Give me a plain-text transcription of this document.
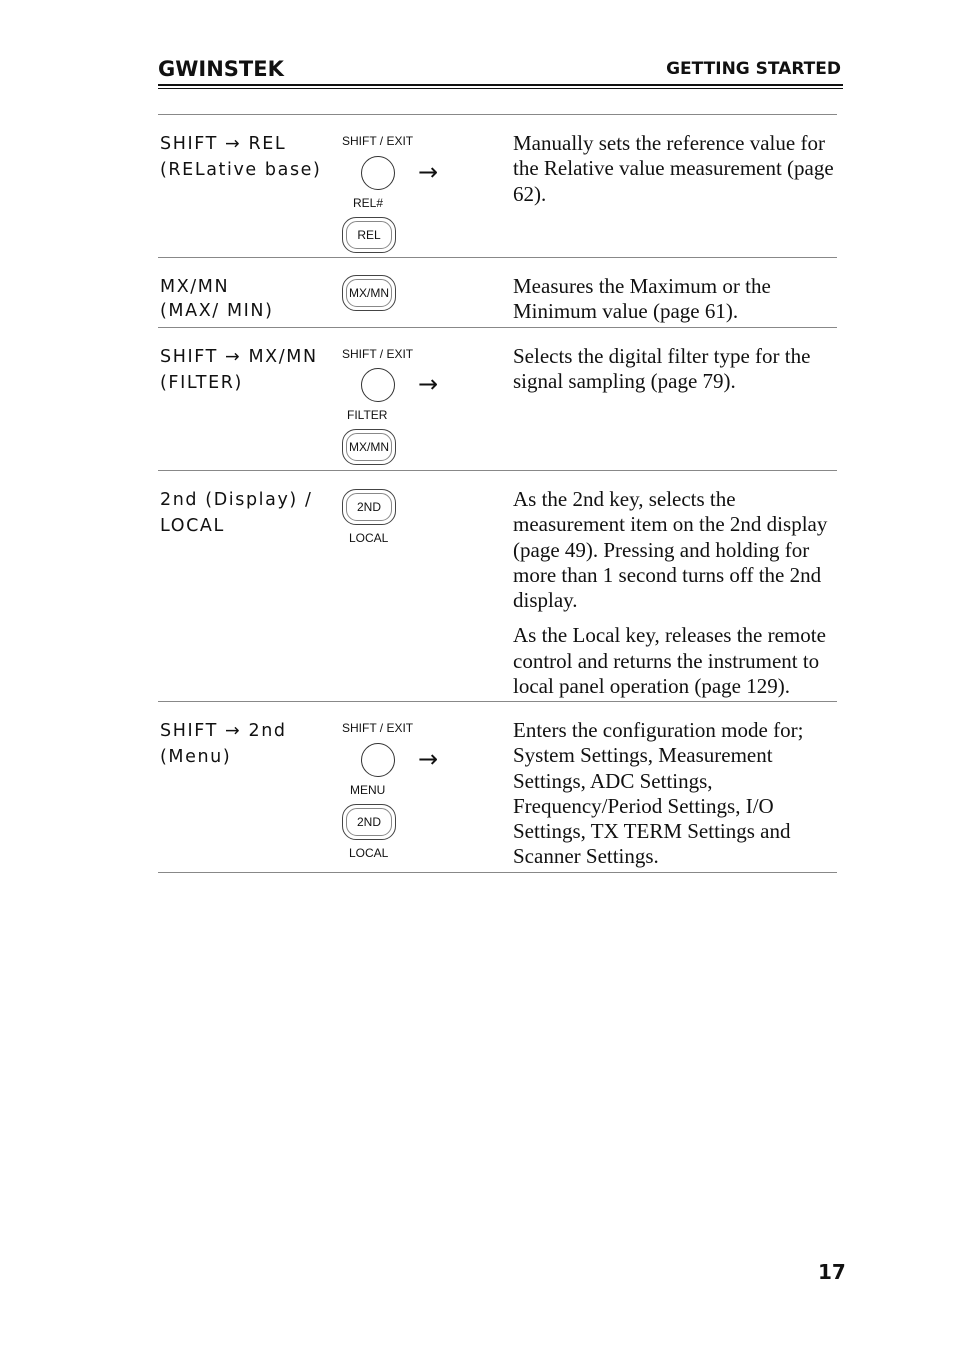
GWINSTEK	GETTING STARTED
SHIFT → REL
(RELative base)
SHIFT / EXIT
→
REL#
REL

Manually sets the reference value for the Relative value measurement (page 62).

MX/MN
(MAX/ MIN)
MX/MN	Measures the Maximum or the Minimum value (page 61).

SHIFT → MX/MN
(FILTER)
SHIFT / EXIT
→
FILTER
MX/MN

Selects the digital filter type for the signal sampling (page 79).

2nd (Display) /
LOCAL
2ND
LOCAL

As the 2nd key, selects the measurement item on the 2nd display (page 49). Pressing and holding for more than 1 second turns off the 2nd display.

As the Local key, releases the remote control and returns the instrument to local panel operation (page 129).

SHIFT → 2nd
(Menu)
SHIFT / EXIT
→
MENU
2ND
LOCAL

Enters the configuration mode for; System Settings, Measurement Settings, ADC Settings, Frequency/Period Settings, I/O Settings, TX TERM Settings and Scanner Settings.

17
